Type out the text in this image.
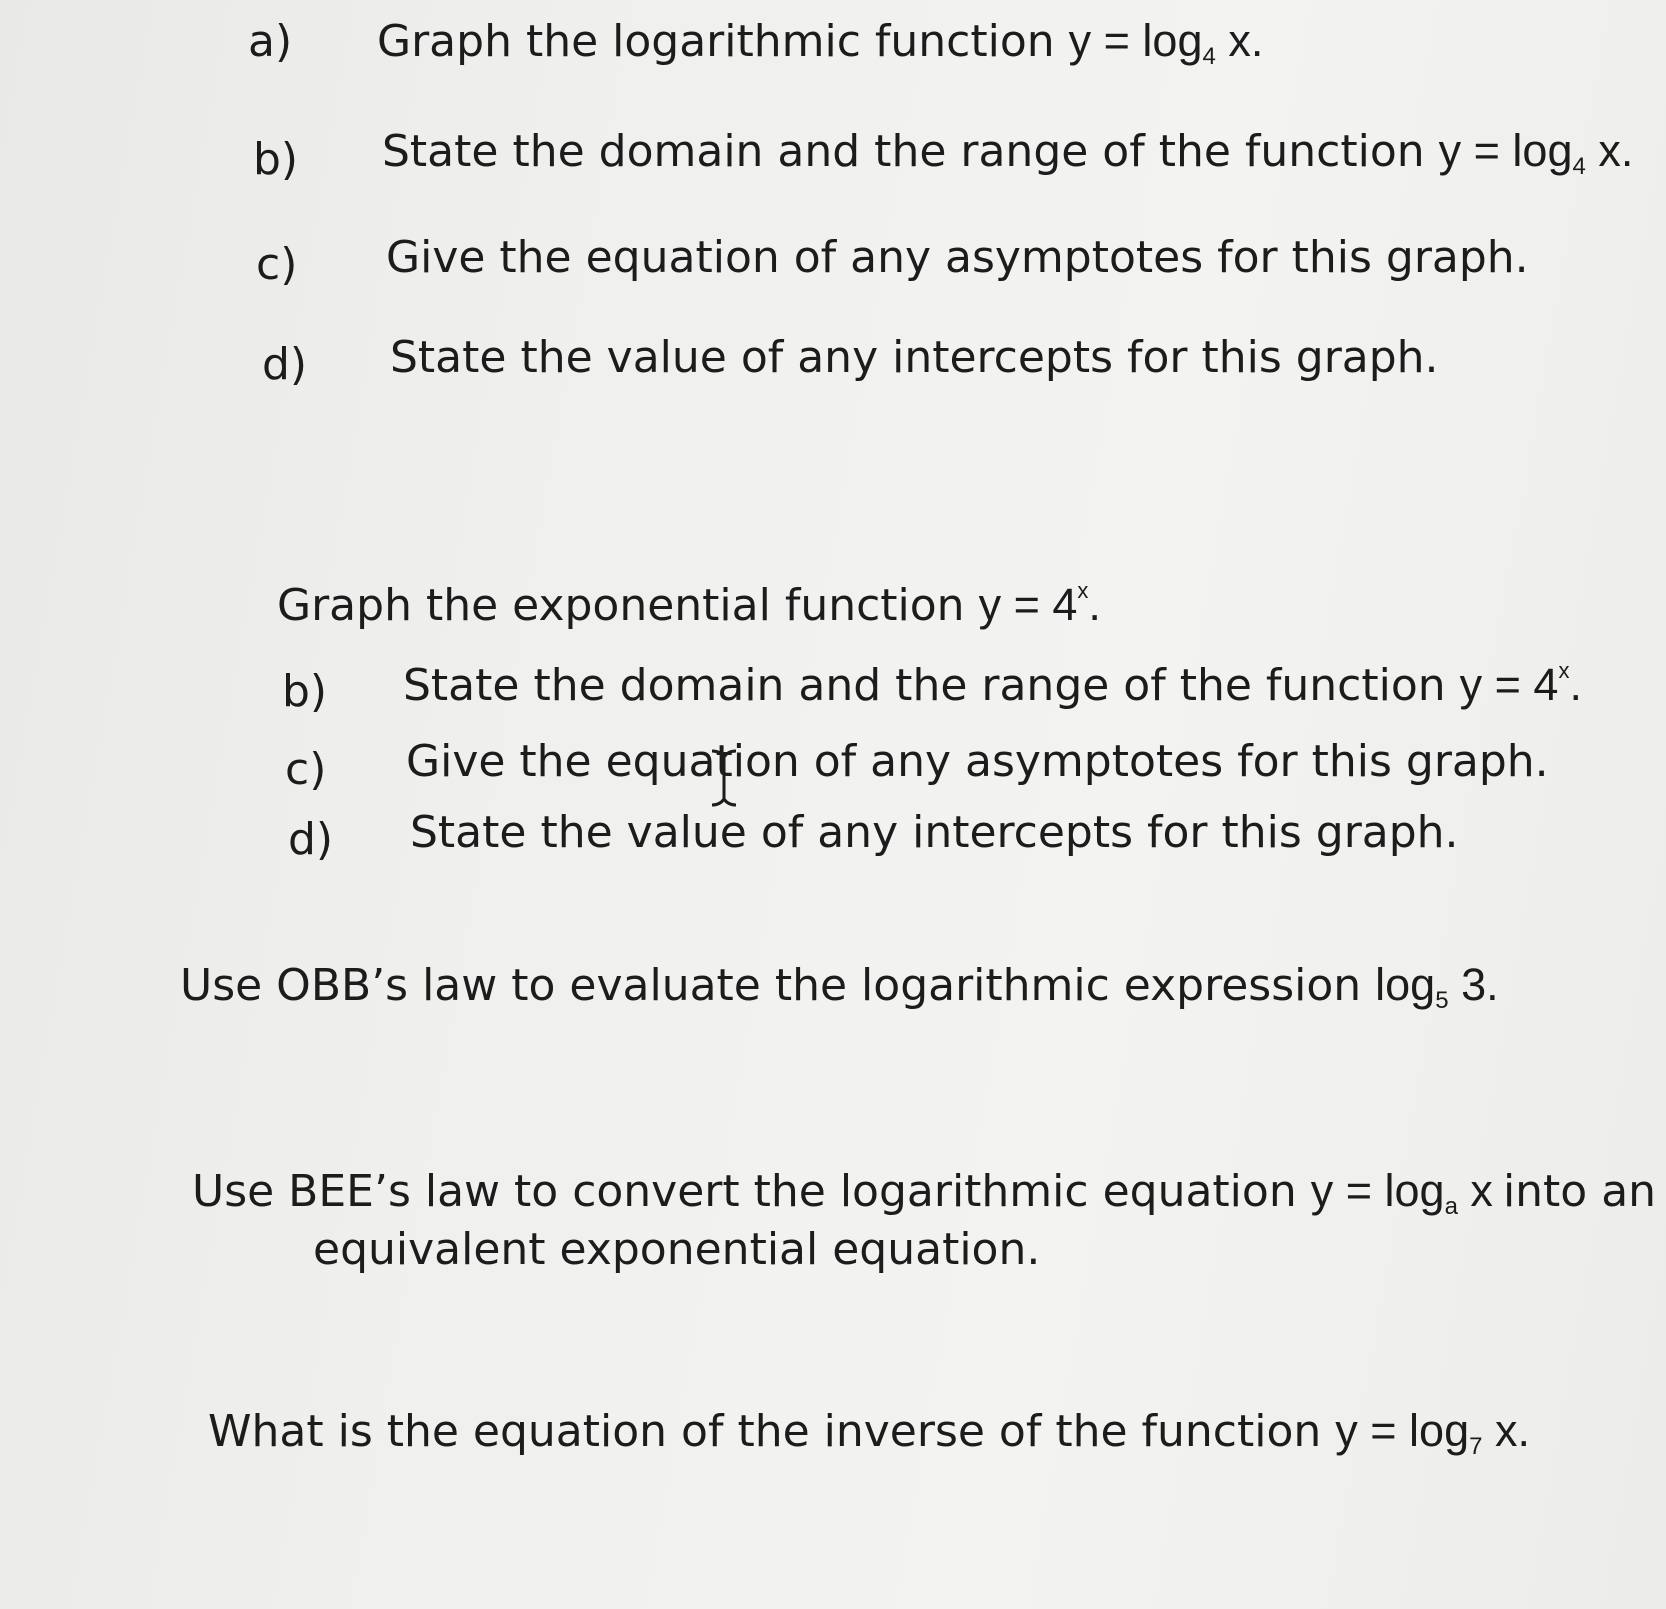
a) Graph the logarithmic function $y = \log_4 x$.
b) State the domain and the range of the function $y = \log_4 x$.
c) Give the equation of any asymptotes for this graph.
d) State the value of any intercepts for this graph.
Graph the exponential function $y = 4^x$.
b) State the domain and the range of the function $y = 4^x$.
c) Give the equation of any asymptotes for this graph.
d) State the value of any intercepts for this graph.
Use OBB’s law to evaluate the logarithmic expression $\log_5 3$.
Use BEE’s law to convert the logarithmic equation $y = \log_a x$ into an
equivalent exponential equation.
What is the equation of the inverse of the function $y = \log_7 x$.
